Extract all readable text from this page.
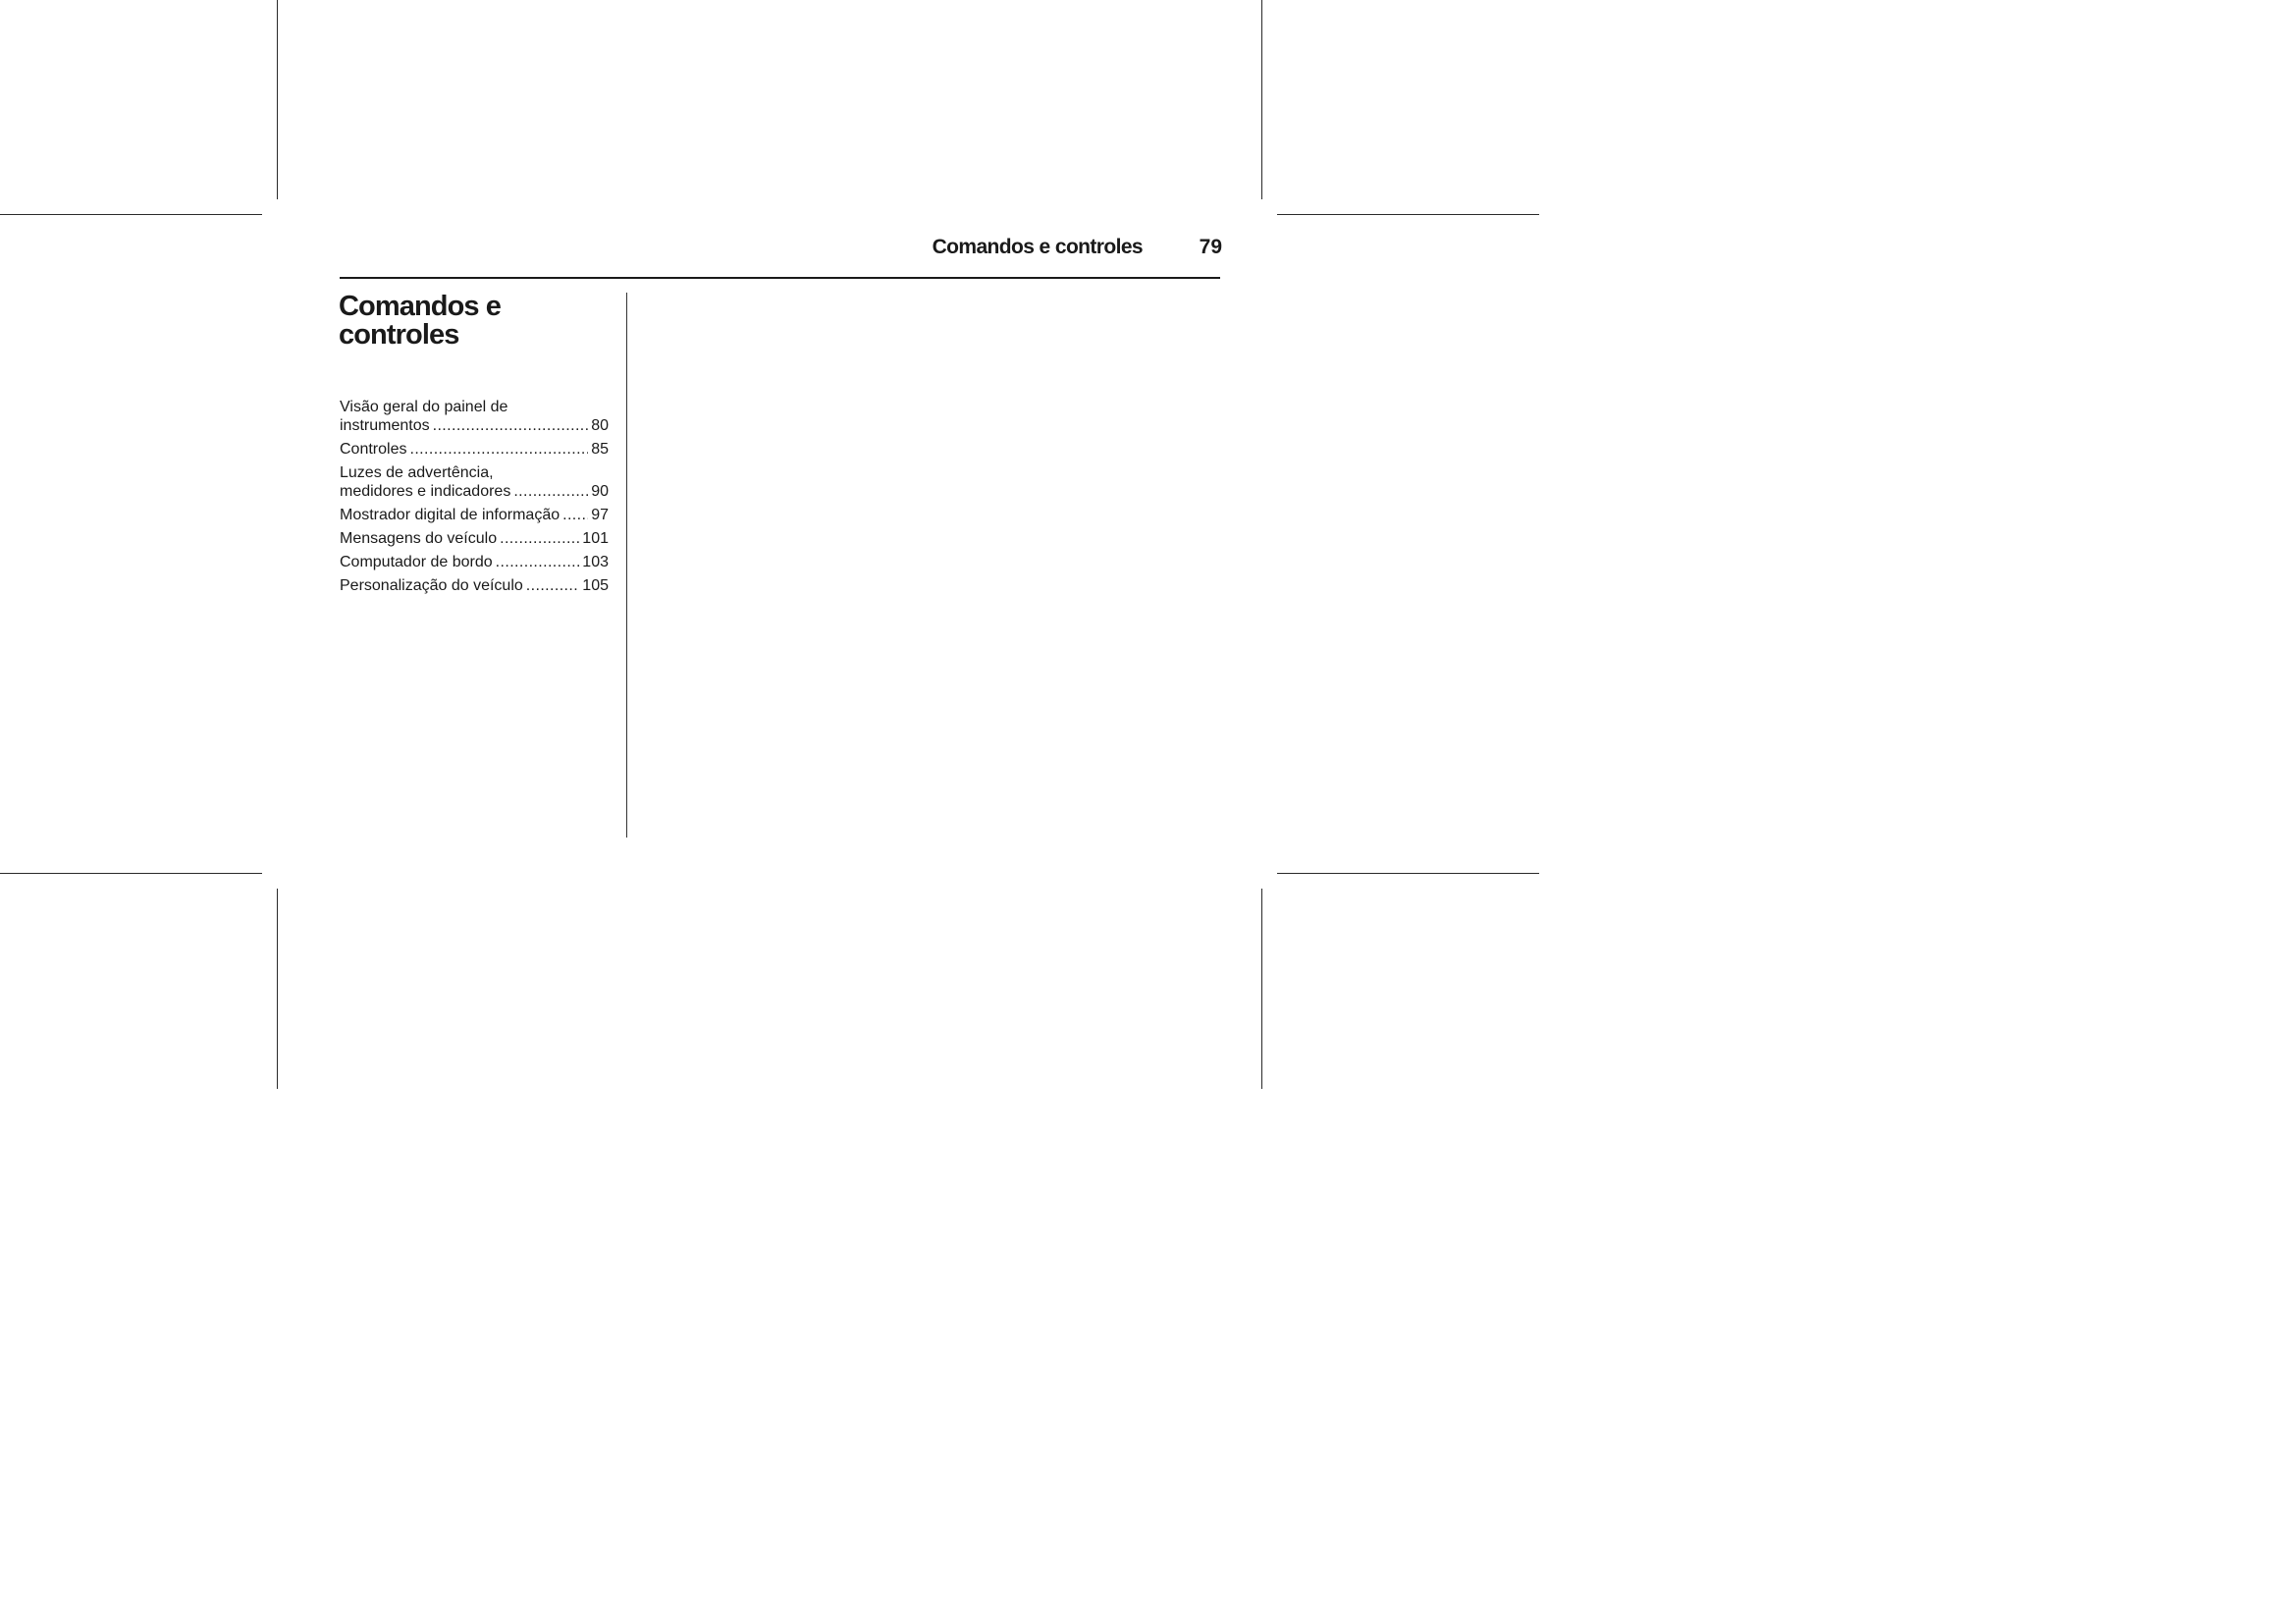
Comandos e controles	79
Comandos e
controles
Visão geral do painel de
instrumentos .....	80
Controles .....	85
Luzes de advertência,
medidores e indicadores .....	90
Mostrador digital de informação ..... 97
Mensagens do veículo .....	101
Computador de bordo .....	103
Personalização do veículo .....	105
